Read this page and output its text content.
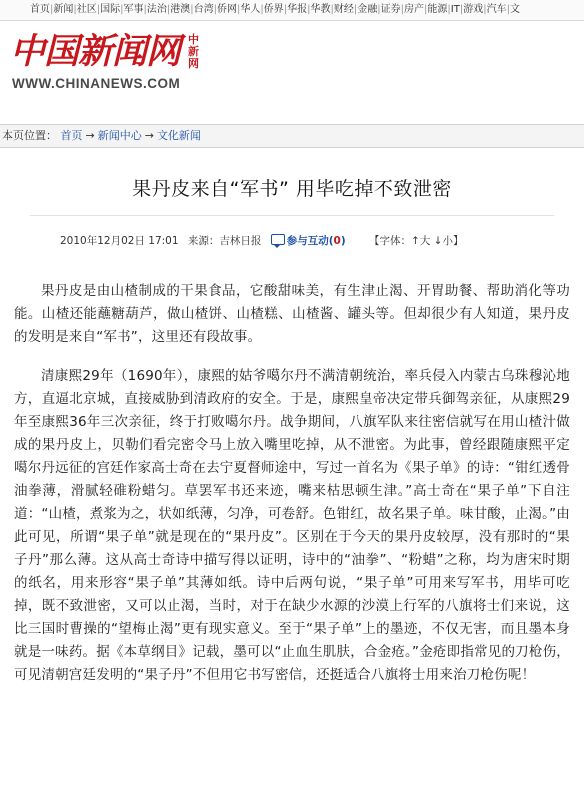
首页|新闻|社区|国际|军事|法治|港澳|台湾|侨网|华人|侨界|华报|华教|财经|金融|证券|房产|能源|IT|游戏|汽车|文
中国新闻网 中新网
WWW.CHINANEWS.COM
本页位置： 首页 → 新闻中心 → 文化新闻
果丹皮来自“军书” 用毕吃掉不致泄密
2010年12月02日 17:01 来源：吉林日报 参与互动(0) 【字体：↑大 ↓小】

果丹皮是由山楂制成的干果食品，它酸甜味美，有生津止渴、开胃助餐、帮助消化等功能。山楂还能蘸糖葫芦，做山楂饼、山楂糕、山楂酱、罐头等。但却很少有人知道，果丹皮的发明是来自“军书”，这里还有段故事。

清康熙29年（1690年），康熙的姑爷噶尔丹不满清朝统治，率兵侵入内蒙古乌珠穆沁地方，直逼北京城，直接威胁到清政府的安全。于是，康熙皇帝决定带兵御驾亲征，从康熙29年至康熙36年三次亲征，终于打败噶尔丹。战争期间，八旗军队来往密信就写在用山楂汁做成的果丹皮上，贝勒们看完密令马上放入嘴里吃掉，从不泄密。为此事，曾经跟随康熙平定噶尔丹远征的宫廷作家高士奇在去宁夏督师途中，写过一首名为《果子单》的诗：“钳红透骨油拳薄，滑腻轻碓粉蜡匀。草罢军书还来迹，嘴来枯思顿生津。”高士奇在“果子单”下自注道：“山楂，煮浆为之，状如纸薄，匀净，可卷舒。色钳红，故名果子单。味甘酸，止渴。”由此可见，所谓“果子单”就是现在的“果丹皮”。区别在于今天的果丹皮较厚，没有那时的“果子丹”那么薄。这从高士奇诗中描写得以证明，诗中的“油拳”、“粉蜡”之称，均为唐宋时期的纸名，用来形容“果子单”其薄如纸。诗中后两句说，“果子单”可用来写军书，用毕可吃掉，既不致泄密，又可以止渴，当时，对于在缺少水源的沙漠上行军的八旗将士们来说，这比三国时曹操的“望梅止渴”更有现实意义。至于“果子单”上的墨迹，不仅无害，而且墨本身就是一味药。据《本草纲目》记载，墨可以“止血生肌肤，合金疮。”金疮即指常见的刀枪伤，可见清朝宫廷发明的“果子丹”不但用它书写密信，还挺适合八旗将士用来治刀枪伤呢！
